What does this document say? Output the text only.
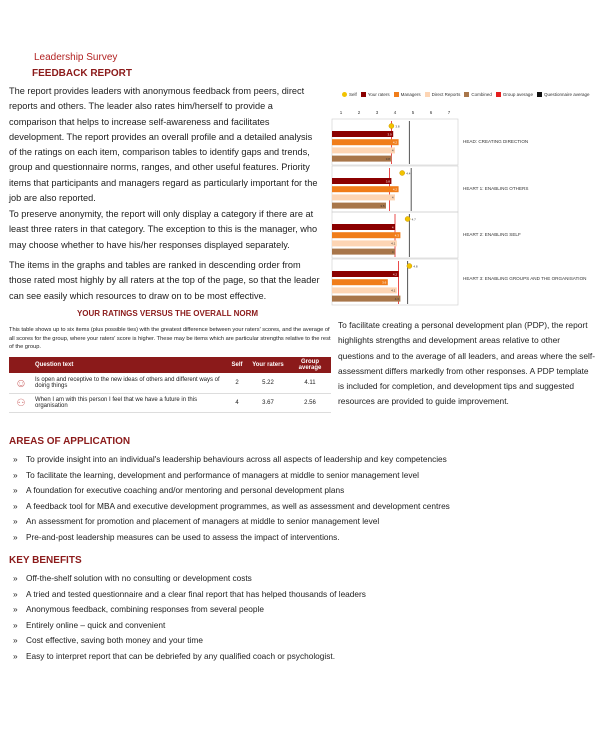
Leadership Survey
FEEDBACK REPORT
The report provides leaders with anonymous feedback from peers, direct reports and others. The leader also rates him/herself to provide a comparison that helps to increase self-awareness and facilitates development. The report provides an overall profile and a detailed analysis of the ratings on each item, comparison tables to identify gaps and trends, group and questionnaire norms, ranges, and other useful features. Priority items that participants and managers regard as particularly important for the job are also reported.
To preserve anonymity, the report will only display a category if there are at least three raters in that category. The exception to this is the manager, who may choose whether to have his/her responses displayed separately.
The items in the graphs and tables are ranked in descending order from those rated most highly by all raters at the top of the page, so that the leader can see easily which resources to draw on to be most effective.
YOUR RATINGS VERSUS THE OVERALL NORM
This table shows up to six items (plus possible ties) with the greatest difference between your raters' scores, and the average of all scores for the group, where your raters' score is higher. These may be items which are particular strengths relative to the rest of the group.
	Question text	Self	Your raters	Group average
☺	Is open and receptive to the new ideas of others and different ways of doing things	2	5.22	4.11
⚇	When I am with this person I feel that we have a future in this organisation	4	3.67	2.56
To facilitate creating a personal development plan (PDP), the report highlights strengths and development areas relative to other questions and to the average of all leaders, and areas where the self-assessment differs markedly from other responses. A PDP template is included for completion, and development tips and suggested resources are provided to guide improvement.
AREAS OF APPLICATION
» To provide insight into an individual's leadership behaviours across all aspects of leadership and key competencies
» To facilitate the learning, development and performance of managers at middle to senior management level
» A foundation for executive coaching and/or mentoring and personal development plans
» A feedback tool for MBA and executive development programmes, as well as assessment and development centres
» An assessment for promotion and placement of managers at middle to senior management level
» Pre-and-post leadership measures can be used to assess the impact of interventions.
KEY BENEFITS
» Off-the-shelf solution with no consulting or development costs
» A tried and tested questionnaire and a clear final report that has helped thousands of leaders
» Anonymous feedback, combining responses from several people
» Entirely online – quick and convenient
» Cost effective, saving both money and your time
» Easy to interpret report that can be debriefed by any qualified coach or psychologist.
Self Your raters Managers Direct Reports Combined Group average Questionnaire average
1	2	3	4	5	6	7
3.8
3.9
4.2
4
3.8
4.4
3.8
4.2
4
3.5
4.7
4
4.3
4.1
4
4.8
4.2
3.6
4.1
4.3
HEAD: CREATING DIRECTION
HEART 1: ENABLING OTHERS
HEART 2: ENABLING SELF
HEART 3: ENABLING GROUPS AND THE ORGANISATION
